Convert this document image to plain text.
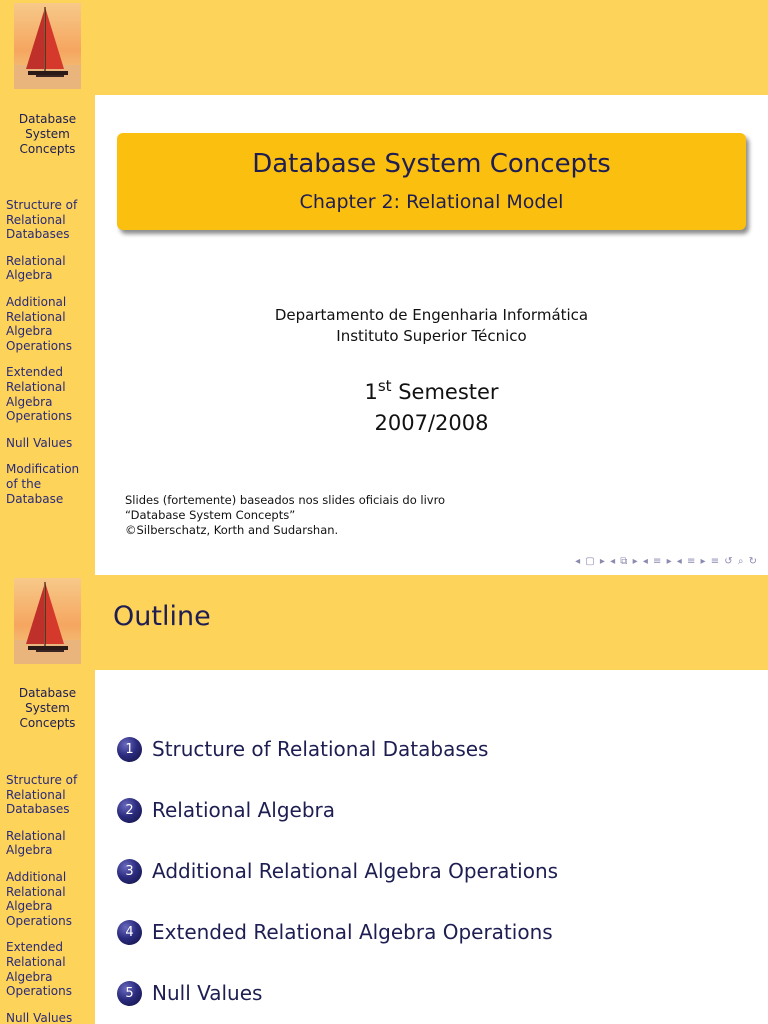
Database
System
Concepts
Structure of
Relational
Databases
Relational
Algebra
Additional
Relational
Algebra
Operations
Extended
Relational
Algebra
Operations
Null Values
Modification
of the
Database
Database System Concepts
Chapter 2: Relational Model
Departamento de Engenharia Informática
Instituto Superior Técnico
1st Semester
2007/2008
Slides (fortemente) baseados nos slides oficiais do livro
“Database System Concepts”
©Silberschatz, Korth and Sudarshan.
◂ ▢ ▸ ◂ ⧉ ▸ ◂ ≡ ▸ ◂ ≡ ▸ ≡ ↺ ⌕ ↻
Database
System
Concepts
Structure of
Relational
Databases
Relational
Algebra
Additional
Relational
Algebra
Operations
Extended
Relational
Algebra
Operations
Null Values
Outline
1 Structure of Relational Databases
2 Relational Algebra
3 Additional Relational Algebra Operations
4 Extended Relational Algebra Operations
5 Null Values
